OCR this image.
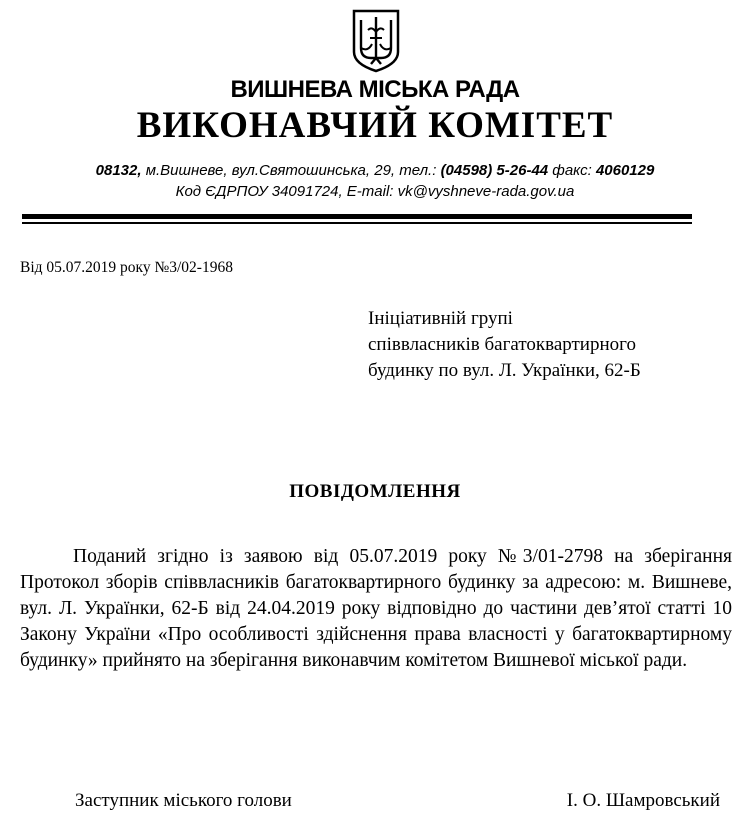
ВИШНЕВА МІСЬКА РАДА
ВИКОНАВЧИЙ КОМІТЕТ
08132, м.Вишневе, вул.Святошинська, 29, тел.: (04598) 5-26-44 факс: 4060129
Код ЄДРПОУ 34091724, E-mail: vk@vyshneve-rada.gov.ua
Від 05.07.2019 року №3/02-1968
Ініціативній групі
співвласників багатоквартирного
будинку по вул. Л. Українки, 62-Б
ПОВІДОМЛЕННЯ
Поданий згідно із заявою від 05.07.2019 року №3/01-2798 на зберігання Протокол зборів співвласників багатоквартирного будинку за адресою: м. Вишневе, вул. Л. Українки, 62-Б від 24.04.2019 року відповідно до частини дев’ятої статті 10 Закону України «Про особливості здійснення права власності у багатоквартирному будинку» прийнято на зберігання виконавчим комітетом Вишневої міської ради.
Заступник міського голови	І. О. Шамровський
